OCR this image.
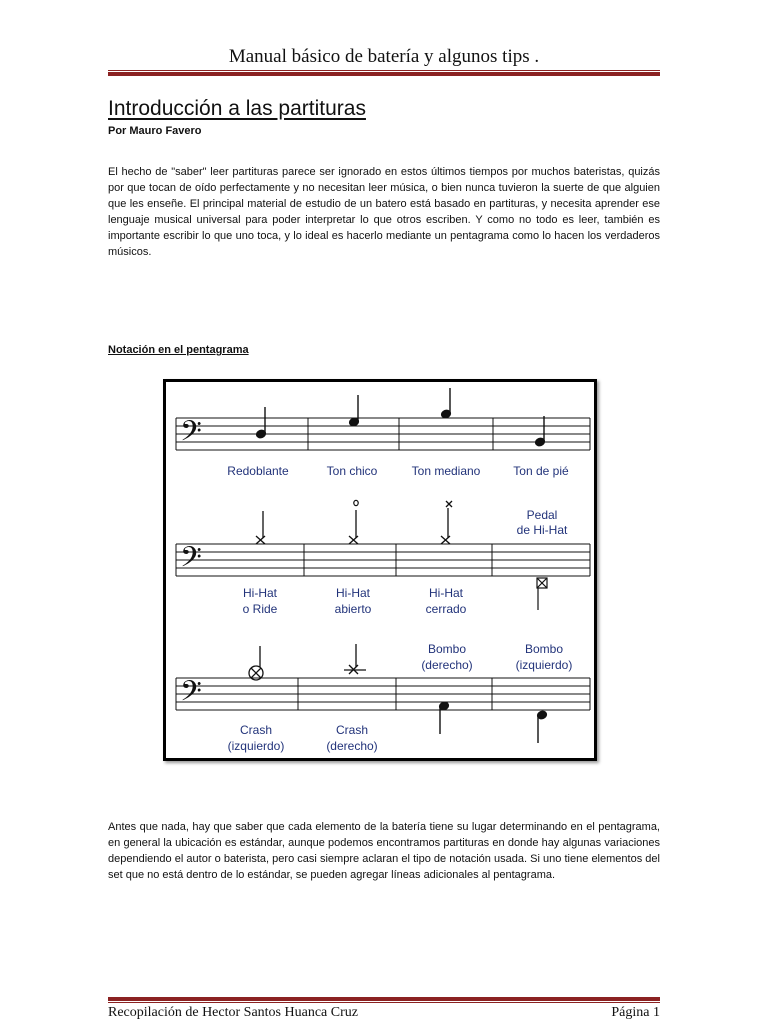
Manual básico de batería y algunos tips .
Introducción a las partituras
Por Mauro Favero

El hecho de "saber" leer partituras parece ser ignorado en estos últimos tiempos por muchos bateristas, quizás por que tocan de oído perfectamente y no necesitan leer música, o bien nunca tuvieron la suerte de que alguien que les enseñe. El principal material de estudio de un batero está basado en partituras, y necesita aprender ese lenguaje musical universal para poder interpretar lo que otros escriben. Y como no todo es leer, también es importante escribir lo que uno toca, y lo ideal es hacerlo mediante un pentagrama como lo hacen los verdaderos músicos.

Notación en el pentagrama
𝄢
𝄢
𝄢
Redoblante	Ton chico	Ton mediano	Ton de pié
Pedal
de Hi-Hat
Hi-Hat
o Ride
Hi-Hat
abierto
Hi-Hat
cerrado
Bombo
(derecho)
Bombo
(izquierdo)
Crash
(izquierdo)
Crash
(derecho)

Antes que nada, hay que saber que cada elemento de la batería tiene su lugar determinando en el pentagrama, en general la ubicación es estándar, aunque podemos encontramos partituras en donde hay algunas variaciones dependiendo el autor o baterista, pero casi siempre aclaran el tipo de notación usada. Si uno tiene elementos del set que no está dentro de lo estándar, se pueden agregar líneas adicionales al pentagrama.

Recopilación de Hector Santos Huanca Cruz	Página 1
